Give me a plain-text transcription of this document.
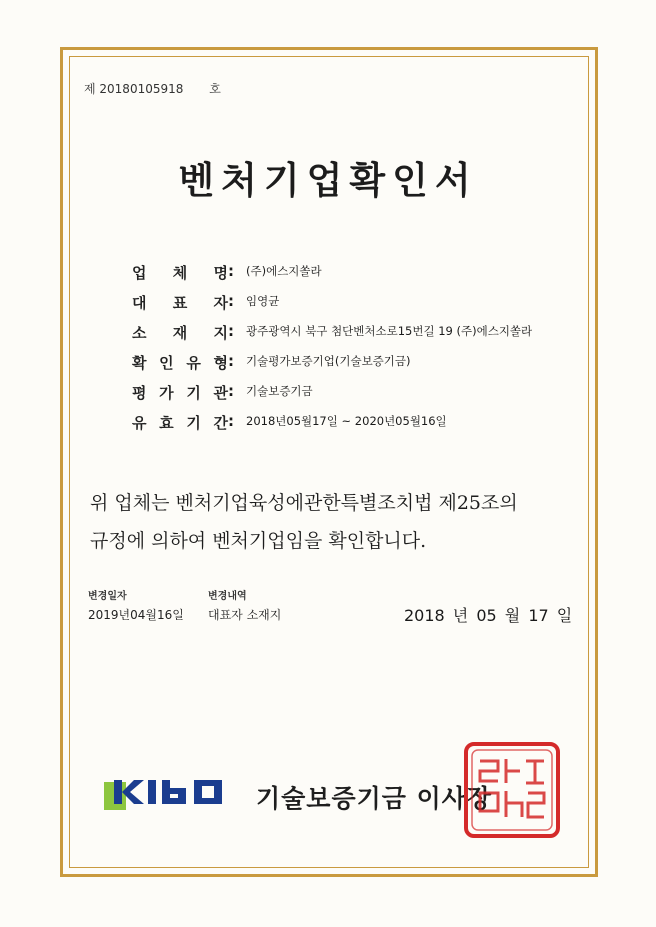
제 20180105918 호
벤처기업확인서
업 체 명 :	(주)에스지쏠라
대 표 자 :	임영균
소 재 지 :	광주광역시 북구 첨단벤처소로15번길 19 (주)에스지쏠라
확 인 유 형 :	기술평가보증기업(기술보증기금)
평 가 기 관 :	기술보증기금
유 효 기 간 :	2018년05월17일 ~ 2020년05월16일
위 업체는 벤처기업육성에관한특별조치법 제25조의
규정에 의하여 벤처기업임을 확인합니다.
변경일자
2019년04월16일
변경내역
대표자 소재지	2018 년 05 월 17 일
기술보증기금 이사장
